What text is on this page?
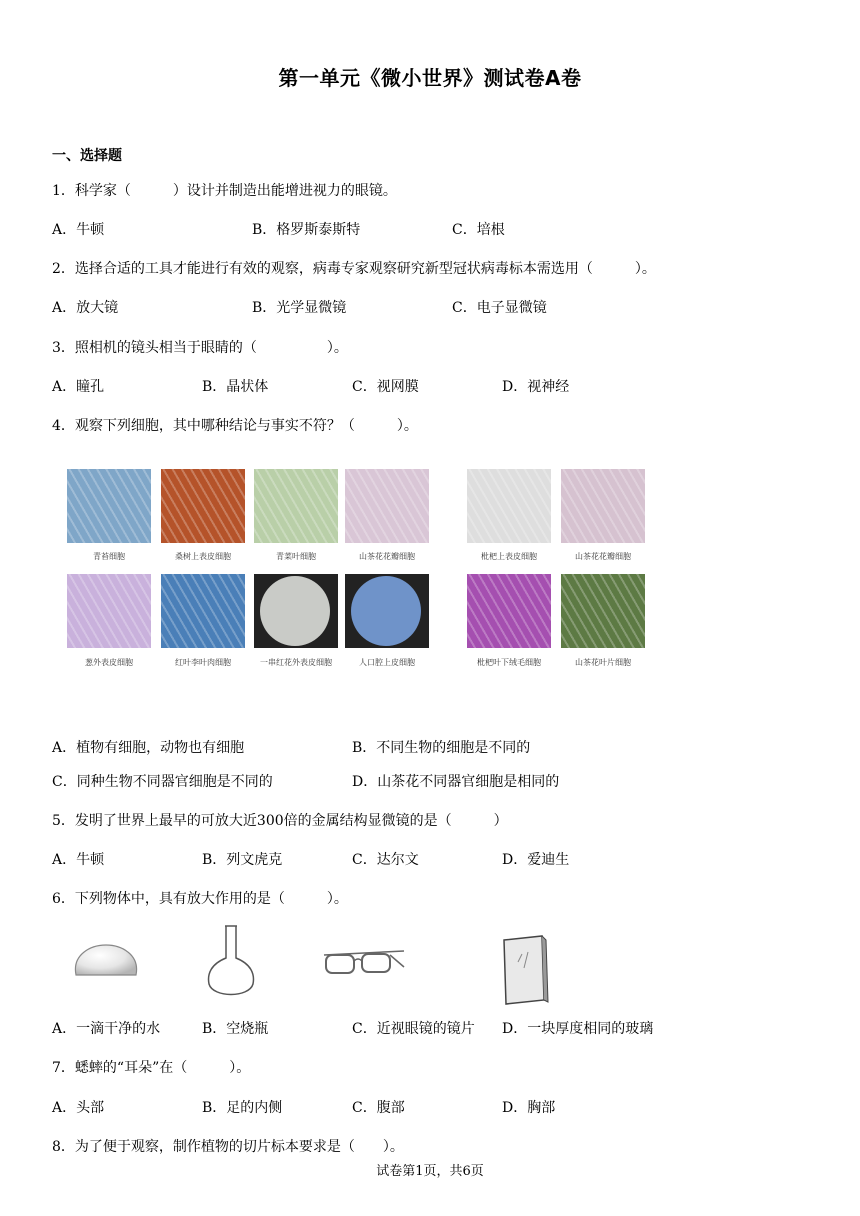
第一单元《微小世界》测试卷A卷
一、选择题
1．科学家（　　　）设计并制造出能增进视力的眼镜。
A．牛顿	B．格罗斯泰斯特	C．培根
2．选择合适的工具才能进行有效的观察，病毒专家观察研究新型冠状病毒标本需选用（　　　）。
A．放大镜	B．光学显微镜	C．电子显微镜
3．照相机的镜头相当于眼睛的（　　　　　）。
A．瞳孔	B．晶状体	C．视网膜	D．视神经
4．观察下列细胞，其中哪种结论与事实不符？（　　　）。
青苔细胞	桑树上表皮细胞	青菜叶细胞	山茶花花瓣细胞	枇杷上表皮细胞	山茶花花瓣细胞
葱外表皮细胞	红叶李叶肉细胞	一串红花外表皮细胞	人口腔上皮细胞	枇杷叶下绒毛细胞	山茶花叶片细胞
A．植物有细胞，动物也有细胞	B．不同生物的细胞是不同的
C．同种生物不同器官细胞是不同的	D．山茶花不同器官细胞是相同的
5．发明了世界上最早的可放大近300倍的金属结构显微镜的是（　　　）
A．牛顿	B．列文虎克	C．达尔文	D．爱迪生
6．下列物体中，具有放大作用的是（　　　）。
A．一滴干净的水	B．空烧瓶	C．近视眼镜的镜片 D．一块厚度相同的玻璃
7．蟋蟀的“耳朵”在（　　　）。
A．头部	B．足的内侧	C．腹部	D．胸部
8．为了便于观察，制作植物的切片标本要求是（　　）。
试卷第1页，共6页
